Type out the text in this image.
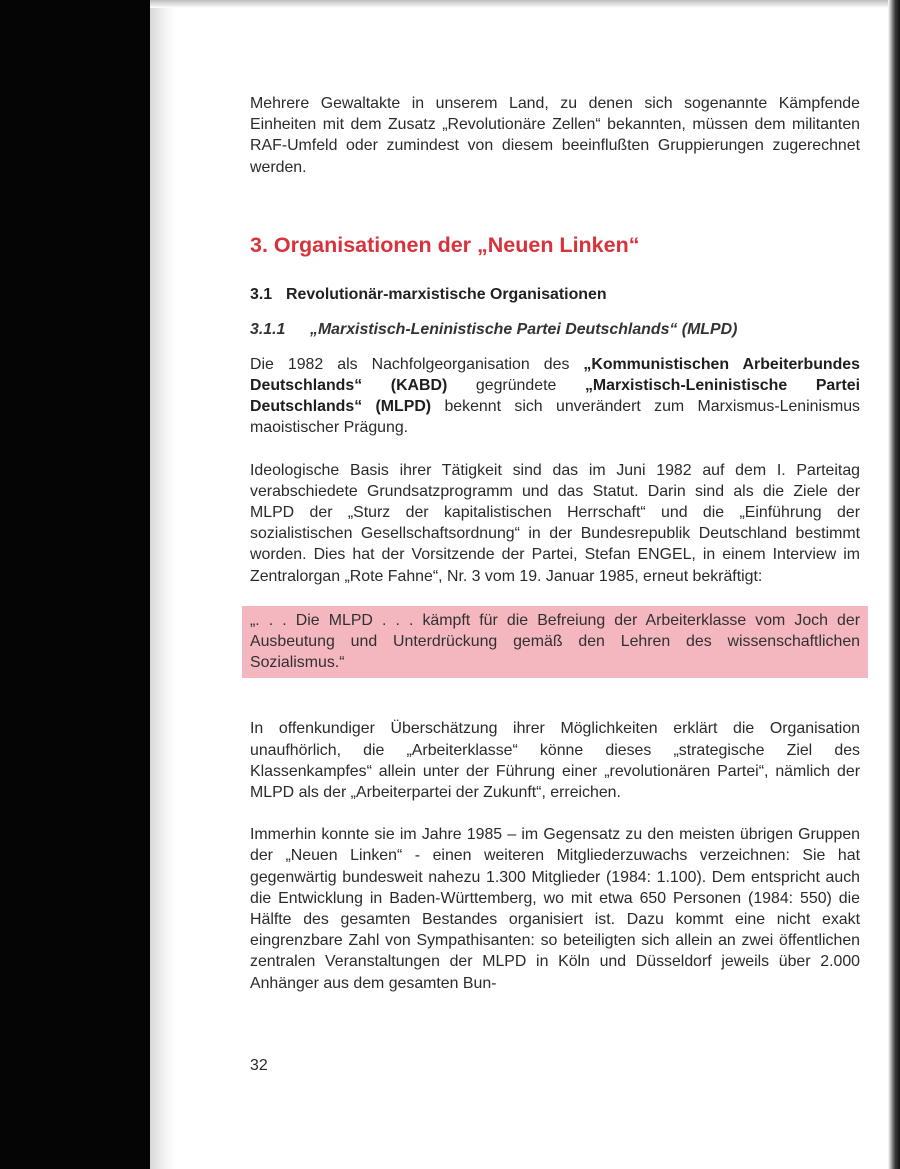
Mehrere Gewaltakte in unserem Land, zu denen sich sogenannte Kämpfende Einheiten mit dem Zusatz „Revolutionäre Zellen“ bekannten, müssen dem militanten RAF-Umfeld oder zumindest von diesem beeinflußten Gruppierungen zugerechnet werden.

3. Organisationen der „Neuen Linken“
3.1 Revolutionär-marxistische Organisationen
3.1.1 „Marxistisch-Leninistische Partei Deutschlands“ (MLPD)

Die 1982 als Nachfolgeorganisation des „Kommunistischen Arbeiterbundes Deutschlands“ (KABD) gegründete „Marxistisch-Leninistische Partei Deutschlands“ (MLPD) bekennt sich unverändert zum Marxismus-Leninismus maoistischer Prägung.

Ideologische Basis ihrer Tätigkeit sind das im Juni 1982 auf dem I. Parteitag verabschiedete Grundsatzprogramm und das Statut. Darin sind als die Ziele der MLPD der „Sturz der kapitalistischen Herrschaft“ und die „Einführung der sozialistischen Gesellschaftsordnung“ in der Bundesrepublik Deutschland bestimmt worden. Dies hat der Vorsitzende der Partei, Stefan ENGEL, in einem Interview im Zentralorgan „Rote Fahne“, Nr. 3 vom 19. Januar 1985, erneut bekräftigt:

„. . . Die MLPD . . . kämpft für die Befreiung der Arbeiterklasse vom Joch der Ausbeutung und Unterdrückung gemäß den Lehren des wissenschaftlichen Sozialismus.“

In offenkundiger Überschätzung ihrer Möglichkeiten erklärt die Organisation unaufhörlich, die „Arbeiterklasse“ könne dieses „strategische Ziel des Klassenkampfes“ allein unter der Führung einer „revolutionären Partei“, nämlich der MLPD als der „Arbeiterpartei der Zukunft“, erreichen.

Immerhin konnte sie im Jahre 1985 – im Gegensatz zu den meisten übrigen Gruppen der „Neuen Linken“ - einen weiteren Mitgliederzuwachs verzeichnen: Sie hat gegenwärtig bundesweit nahezu 1.300 Mitglieder (1984: 1.100). Dem entspricht auch die Entwicklung in Baden-Württemberg, wo mit etwa 650 Personen (1984: 550) die Hälfte des gesamten Bestandes organisiert ist. Dazu kommt eine nicht exakt eingrenzbare Zahl von Sympathisanten: so beteiligten sich allein an zwei öffentlichen zentralen Veranstaltungen der MLPD in Köln und Düsseldorf jeweils über 2.000 Anhänger aus dem gesamten Bun-

32
